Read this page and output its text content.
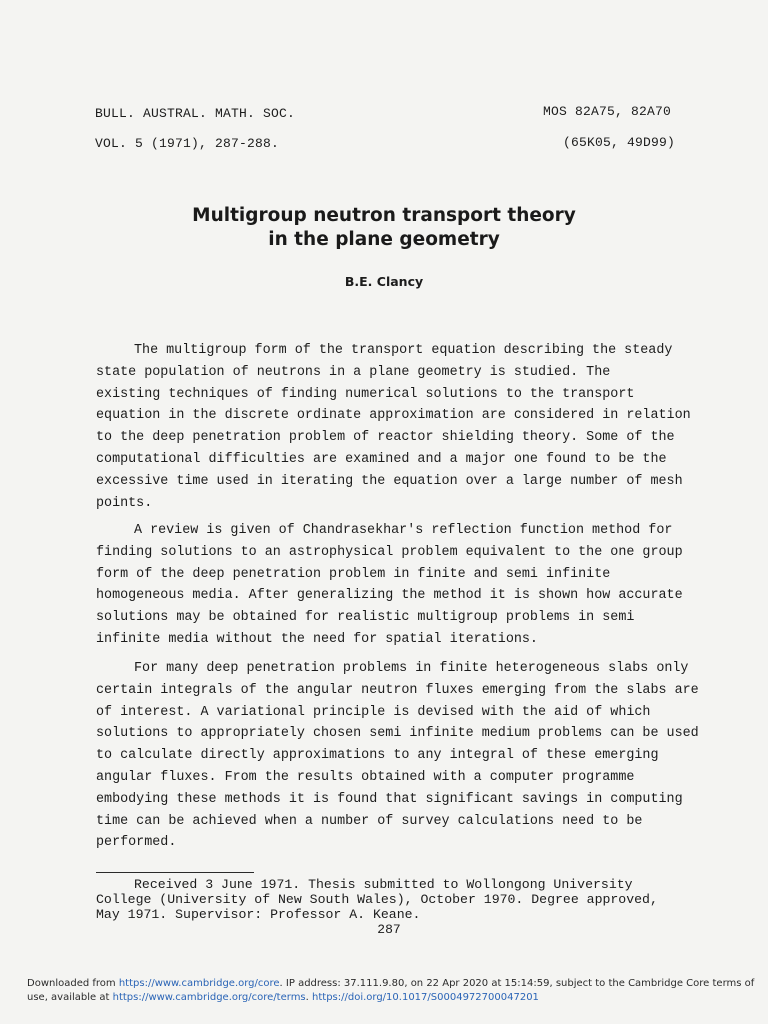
BULL. AUSTRAL. MATH. SOC.
VOL. 5 (1971), 287-288.
MOS 82A75, 82A70
(65K05, 49D99)
Multigroup neutron transport theory
in the plane geometry
B.E. Clancy
The multigroup form of the transport equation describing the steady
state population of neutrons in a plane geometry is studied. The
existing techniques of finding numerical solutions to the transport
equation in the discrete ordinate approximation are considered in relation
to the deep penetration problem of reactor shielding theory. Some of the
computational difficulties are examined and a major one found to be the
excessive time used in iterating the equation over a large number of mesh
points.
A review is given of Chandrasekhar's reflection function method for
finding solutions to an astrophysical problem equivalent to the one group
form of the deep penetration problem in finite and semi infinite
homogeneous media. After generalizing the method it is shown how accurate
solutions may be obtained for realistic multigroup problems in semi
infinite media without the need for spatial iterations.
For many deep penetration problems in finite heterogeneous slabs only
certain integrals of the angular neutron fluxes emerging from the slabs are
of interest. A variational principle is devised with the aid of which
solutions to appropriately chosen semi infinite medium problems can be used
to calculate directly approximations to any integral of these emerging
angular fluxes. From the results obtained with a computer programme
embodying these methods it is found that significant savings in computing
time can be achieved when a number of survey calculations need to be
performed.
Received 3 June 1971. Thesis submitted to Wollongong University
College (University of New South Wales), October 1970. Degree approved,
May 1971. Supervisor: Professor A. Keane.
287
Downloaded from https://www.cambridge.org/core. IP address: 37.111.9.80, on 22 Apr 2020 at 15:14:59, subject to the Cambridge Core terms of use, available at https://www.cambridge.org/core/terms. https://doi.org/10.1017/S0004972700047201
